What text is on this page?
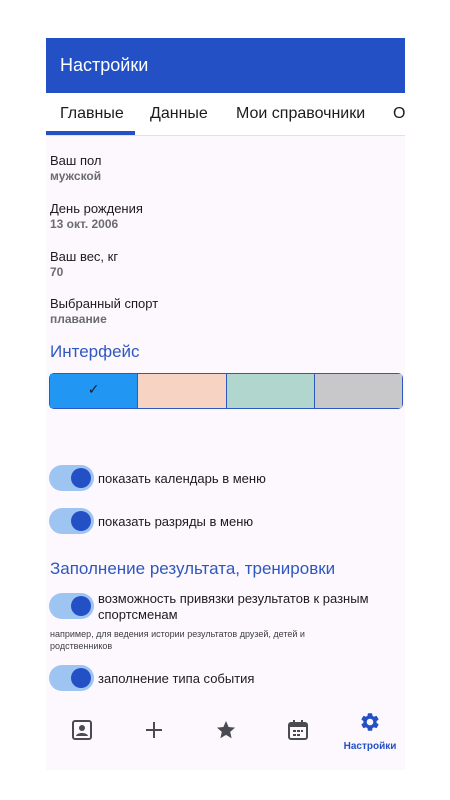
Настройки
Главные Данные Мои справочники О
Ваш пол
мужской
День рождения
13 окт. 2006
Ваш вес, кг
70
Выбранный спорт
плавание
Интерфейс
✓
показать календарь в меню
показать разряды в меню
Заполнение результата, тренировки
возможность привязки результатов к разным спортсменам
например, для ведения истории результатов друзей, детей и родственников
заполнение типа события
Настройки
